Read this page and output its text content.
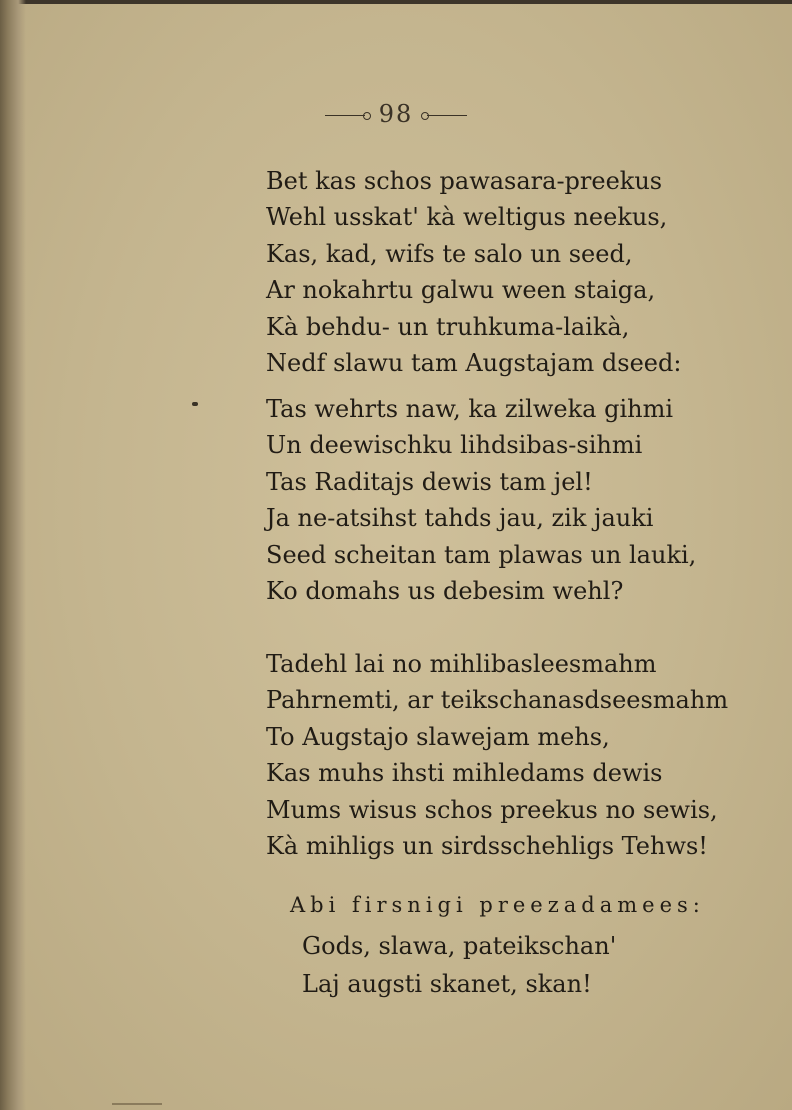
98
Bet kas schos pawasara-preekus
Wehl usskat' kà weltigus neekus,
Kas, kad, wifs te salo un seed,
Ar nokahrtu galwu ween staiga,
Kà behdu- un truhkuma-laikà,
Nedf slawu tam Augstajam dseed:
Tas wehrts naw, ka zilweka gihmi
Un deewischku lihdsibas-sihmi
Tas Raditajs dewis tam jel!
Ja ne-atsihst tahds jau, zik jauki
Seed scheitan tam plawas un lauki,
Ko domahs us debesim wehl?
Tadehl lai no mihlibasleesmahm
Pahrnemti, ar teikschanasdseesmahm
To Augstajo slawejam mehs,
Kas muhs ihsti mihledams dewis
Mums wisus schos preekus no sewis,
Kà mihligs un sirdsschehligs Tehws!
Abi firsnigi preezadamees:
Gods, slawa, pateikschan'
Laj augsti skanet, skan!
